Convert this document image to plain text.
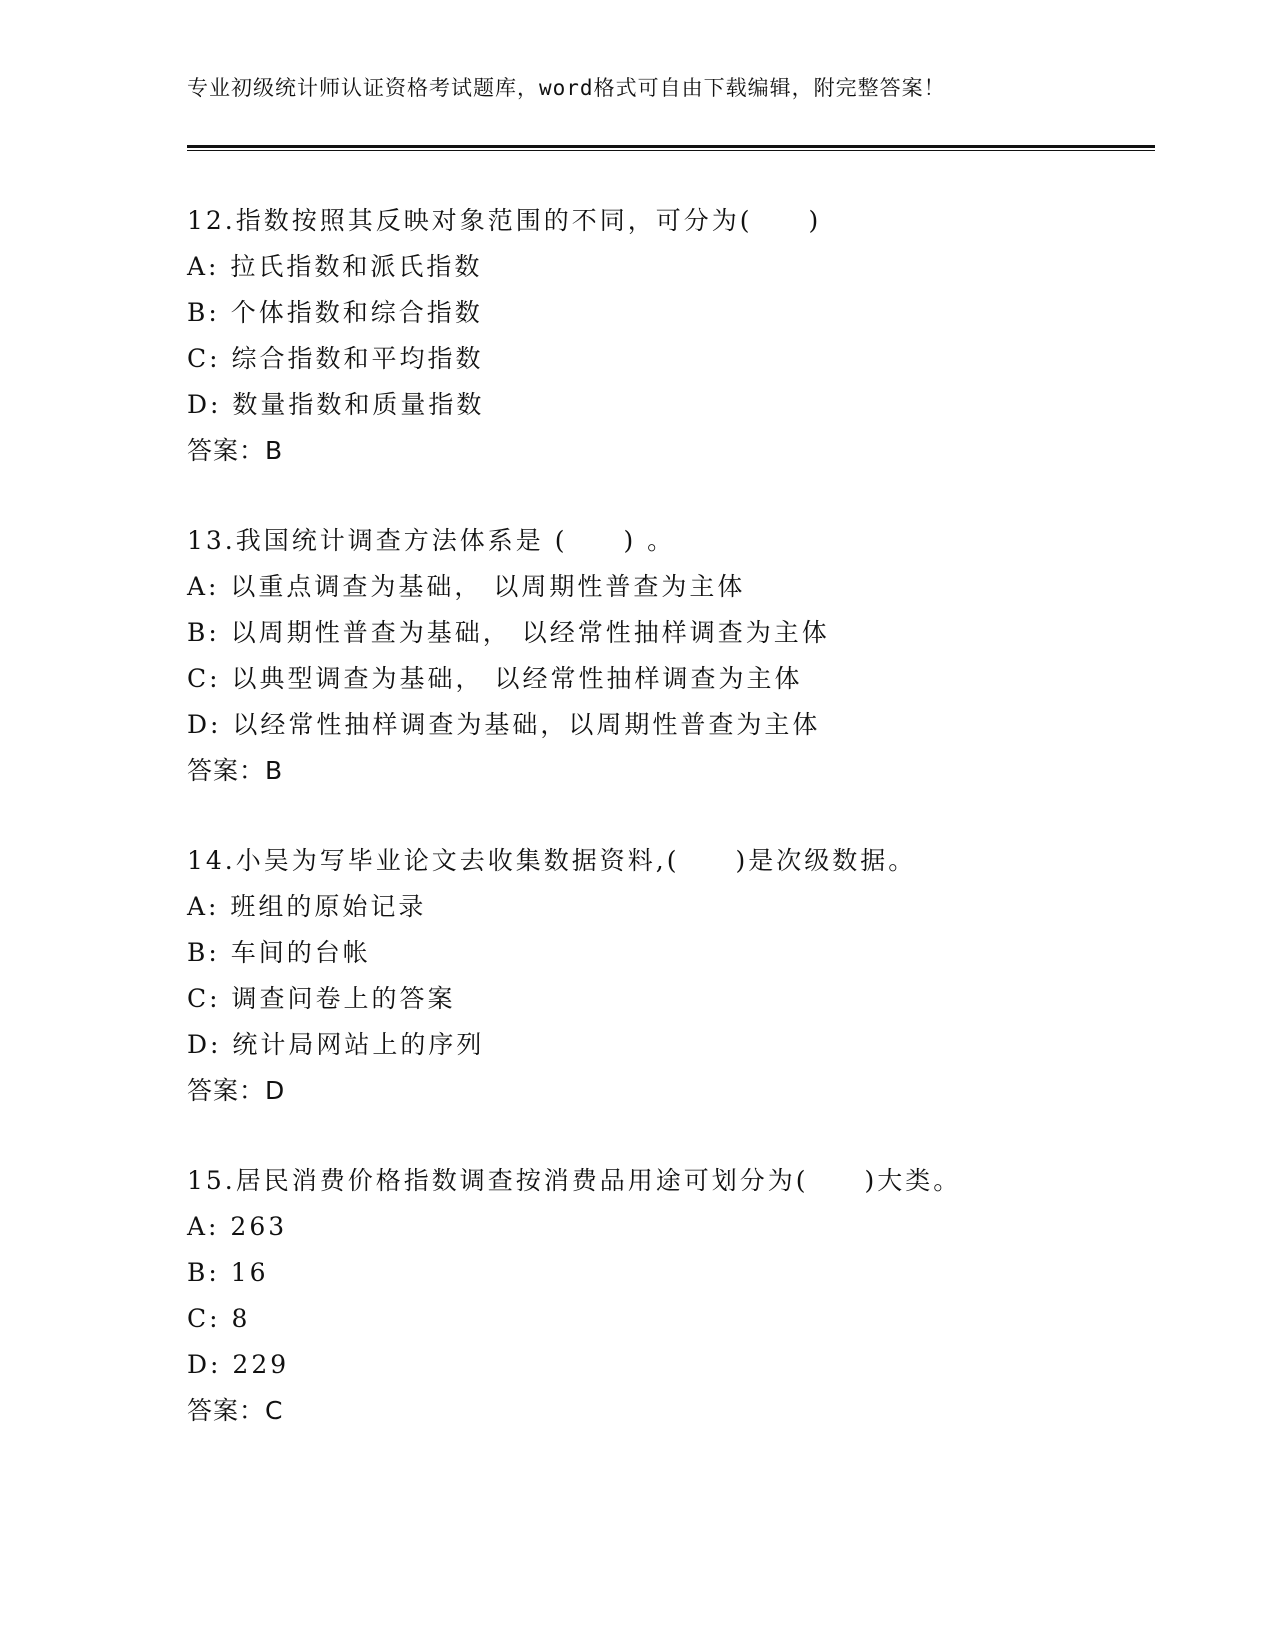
专业初级统计师认证资格考试题库，word格式可自由下载编辑，附完整答案！
12.指数按照其反映对象范围的不同，可分为(　　)
A: 拉氏指数和派氏指数
B: 个体指数和综合指数
C: 综合指数和平均指数
D: 数量指数和质量指数
答案：B
13.我国统计调查方法体系是 (　　) 。
A: 以重点调查为基础， 以周期性普查为主体
B: 以周期性普查为基础， 以经常性抽样调查为主体
C: 以典型调查为基础， 以经常性抽样调查为主体
D: 以经常性抽样调查为基础，以周期性普查为主体
答案：B
14.小吴为写毕业论文去收集数据资料,(　　)是次级数据。
A: 班组的原始记录
B: 车间的台帐
C: 调查问卷上的答案
D: 统计局网站上的序列
答案：D
15.居民消费价格指数调查按消费品用途可划分为(　　)大类。
A: 263
B: 16
C: 8
D: 229
答案：C
